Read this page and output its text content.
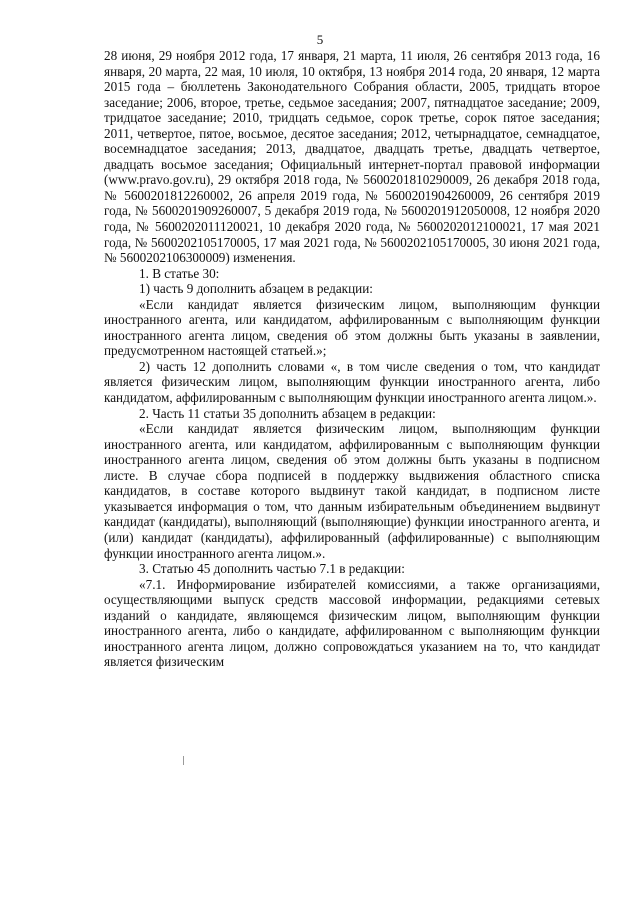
5

28 июня, 29 ноября 2012 года, 17 января, 21 марта, 11 июля, 26 сентября 2013 года, 16 января, 20 марта, 22 мая, 10 июля, 10 октября, 13 ноября 2014 года, 20 января, 12 марта 2015 года – бюллетень Законодательного Собрания области, 2005, тридцать второе заседание; 2006, второе, третье, седьмое заседания; 2007, пятнадцатое заседание; 2009, тридцатое заседание; 2010, тридцать седьмое, сорок третье, сорок пятое заседания; 2011, четвертое, пятое, восьмое, десятое заседания; 2012, четырнадцатое, семнадцатое, восемнадцатое заседания; 2013, двадцатое, двадцать третье, двадцать четвертое, двадцать восьмое заседания; Официальный интернет-портал правовой информации (www.pravo.gov.ru), 29 октября 2018 года, № 5600201810290009, 26 декабря 2018 года, № 5600201812260002, 26 апреля 2019 года, № 5600201904260009, 26 сентября 2019 года, № 5600201909260007, 5 декабря 2019 года, № 5600201912050008, 12 ноября 2020 года, № 5600202011120021, 10 декабря 2020 года, № 5600202012100021, 17 мая 2021 года, № 5600202105170005, 17 мая 2021 года, № 5600202105170005, 30 июня 2021 года, № 5600202106300009) изменения.

1. В статье 30:

1) часть 9 дополнить абзацем в редакции:

«Если кандидат является физическим лицом, выполняющим функции иностранного агента, или кандидатом, аффилированным с выполняющим функции иностранного агента лицом, сведения об этом должны быть указаны в заявлении, предусмотренном настоящей статьей.»;

2) часть 12 дополнить словами «, в том числе сведения о том, что кандидат является физическим лицом, выполняющим функции иностранного агента, либо кандидатом, аффилированным с выполняющим функции иностранного агента лицом.».

2. Часть 11 статьи 35 дополнить абзацем в редакции:

«Если кандидат является физическим лицом, выполняющим функции иностранного агента, или кандидатом, аффилированным с выполняющим функции иностранного агента лицом, сведения об этом должны быть указаны в подписном листе. В случае сбора подписей в поддержку выдвижения областного списка кандидатов, в составе которого выдвинут такой кандидат, в подписном листе указывается информация о том, что данным избирательным объединением выдвинут кандидат (кандидаты), выполняющий (выполняющие) функции иностранного агента, и (или) кандидат (кандидаты), аффилированный (аффилированные) с выполняющим функции иностранного агента лицом.».

3. Статью 45 дополнить частью 7.1 в редакции:

«7.1. Информирование избирателей комиссиями, а также организациями, осуществляющими выпуск средств массовой информации, редакциями сетевых изданий о кандидате, являющемся физическим лицом, выполняющим функции иностранного агента, либо о кандидате, аффилированном с выполняющим функции иностранного агента лицом, должно сопровождаться указанием на то, что кандидат является физическим
